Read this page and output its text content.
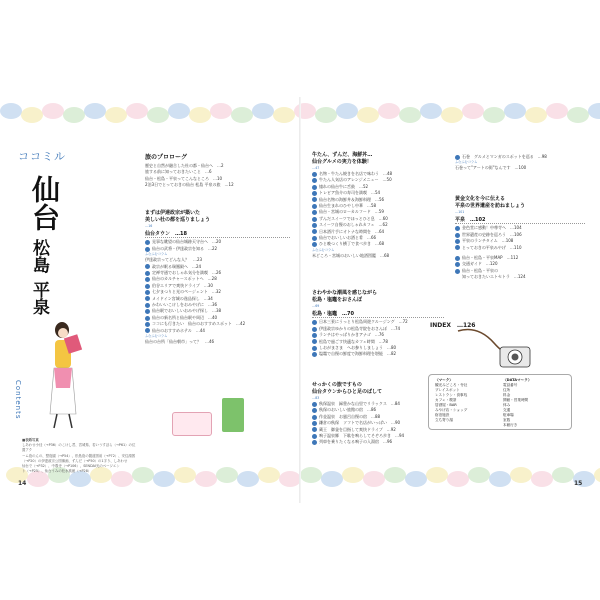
14	15
ココミル
仙台
松島
平泉
■表紙写真
しあわせ小径（→P36）のこけし君、宮城県、若いうすぼら（→P61）の位置アク
ーム島のんの、竪島園（→P54）、松島島の隧道図前（→P72）、安住淵図
（→P20）の伊達政宗公図像画、ずんだ（→P50）の1字り、しあわせ
仙台で（→P32）、中尊寺（→P106）、SENDAI光のページエン
ト（→P25）、仙台うみの杜水族館（→P28）
旅のプロローグ
歴史と自然が融合した杜の都・仙台へ　…2
旅する前に知っておきたいこと　…6
仙台・松島・平泉ってこんなところ　…10
2泊3日でとっておきの仙台 松島 平泉の旅　…12
まずは伊達政宗が築いた
美しい杜の都を巡りましょう
…16
仙台タウン　…18
見事な眺望の仙台城跡天守台へ　…20
仙台の武将・伊達政宗を知る　…22
ふむふむコラム
伊達政宗ってどんな人？　…23
政宗が眠る瑞鳳殿へ　…24
定禅寺通でおしゃれ気分を満喫　…26
仙台のカルチャースポットへ　…28
伯谷エリアで爽快ドライブ　…30
七夕まつりと光のページェント　…32
メイドイン宮城の逸品探し　…34
かわいいこけしをおみやげに　…36
仙台駅でおいしいおみやげ探し　…38
仙台の新名所と仙台駅や周辺　…40
ココにも行きたい　仙台のおすすめスポット　…42
仙台のおすすめホテル　…44
ふむふむコラム
仙台の台所「仙台朝市」って？　…46
牛たん、ずんだ、海鮮丼…
仙台グルメの実力を体験！
…47
名物・牛たん焼きを名店で味わう　…48
牛たん人気店のアレンジメニュー　…50
憧れの仙台牛に舌鼓　…52
トレビア魚介の寿司を満喫　…54
仙台名物の海鮮丼＆海鮮料理　…56
仙台生まれのひやし中華　…58
仙台・宮城のローカルフード　…59
ずんだスイーツでほっとひと息　…60
スイーツ自慢のおしゃれカフェ　…62
日本酒片手にオトナな時間を　…64
仙台でおいしいお酒と肴　…66
ひと晩つくり横丁で食べ歩き　…68
ふむふむコラム
米どころ・宮城のおいしい地酒図鑑　…68
さわやかな潮風を感じながら
松島・塩竈をおさんぽ
…69
松島・塩竈　…70
日本三景にうっとり松島周遊クルージング　…72
伊達政宗ゆかりの松島寺院をおさんぽ　…74
ランチはやっぱりかきアナゴ　…76
松島で過ごす快適なカフェ時間　…78
しおがまさま　へお参りしましょう　…80
塩竈で自慢の鮮度で海鮮料理を堪能　…82
せっかくの旅ですもの
仙台タウンからひと足のばして
…83
秋保温泉　緑豊かな山里でリラックス　…84
秋保のおいしい旅館の宿　…86
作並温泉　お風呂自慢の宿　…88
鎌倉の秋保　ソフトで名店がいっぱい　…90
蔵王　御釜を目指して爽快ドライブ　…92
鳴子温泉郷　下駄を鳴らしてそぞろ歩き　…94
列車を乗りたくなる鳴子の入湯宿　…96
石巻　グルメとマンガのスポットを巡る　…98
ふむふむコラム
石巻って"アートの街"なんです　…100
黄金文化を今に伝える
平泉の世界遺産を訪ねましょう
…101
平泉　…102
金色堂に感動！中尊寺へ　…104
世界遺産の史跡を巡ろう　…106
平泉のランチタイム　…108
とっておきの平泉みやげ　…110
仙台・松島・平泉MAP　…112
交通ガイド　…120
仙台・松島・平泉の
知っておきたいエトセトラ　…124
INDEX　…126
〈マーク〉
観光みどころ・寺社
プレイスポット
レストラン・食事処
カフェ・喫茶
居酒屋・BAR
みやげ店・ショップ
宿泊施設
立ち寄り湯
〈DATAマーク〉
電話番号
住所
料金
開館・営業時間
休み
交通
駐車場
室数
本館行き
